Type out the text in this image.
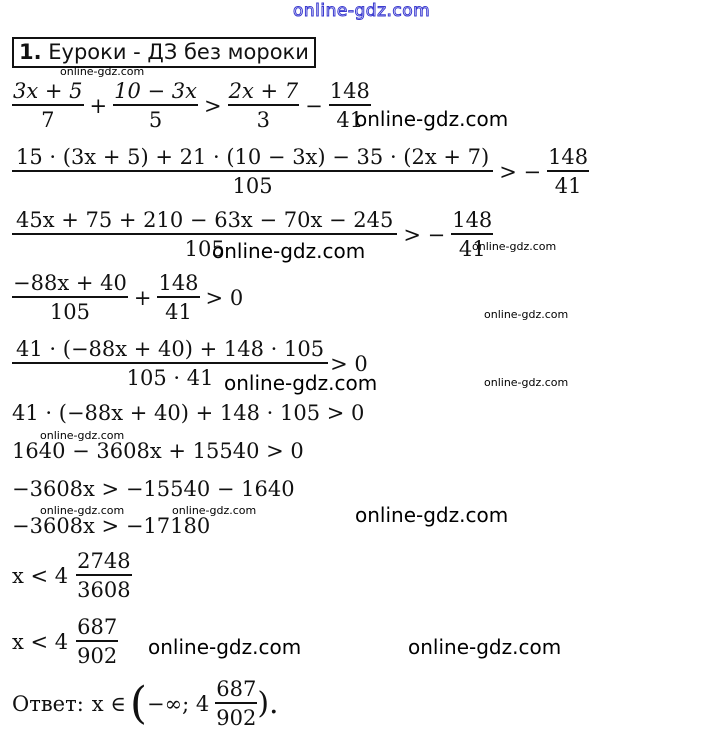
online-gdz.com
1. Еуроки - ДЗ без мороки
$\frac{3x + 5}{7} + \frac{10 - 3x}{5} > \frac{2x + 7}{3} - \frac{148}{41}$
$\frac{15 \cdot (3x + 5) + 21 \cdot (10 - 3x) - 35 \cdot (2x + 7)}{105}$ > − $\frac{148}{41}$
$\frac{45x + 75 + 210 - 63x - 70x - 245}{105}$ > − $\frac{148}{41}$
$\frac{-88x + 40}{105} + \frac{148}{41} > 0$
$\frac{41 \cdot (-88x + 40) + 148 \cdot 105}{105 \cdot 41} > 0$
41 · (−88x + 40) + 148 · 105 > 0
1640 − 3608x + 15540 > 0
−3608x > −15540 − 1640
−3608x > −17180
$x < 4 \frac{2748}{3608}$
$x < 4 \frac{687}{902}$
Ответ: x ∈ ( −∞; $4 \frac{687}{902}$ ).
online-gdz.com
online-gdz.com
online-gdz.com
online-gdz.com
online-gdz.com	online-gdz.com
online-gdz.com
online-gdz.com
online-gdz.com
online-gdz.com
online-gdz.com
online-gdz.com	online-gdz.com
